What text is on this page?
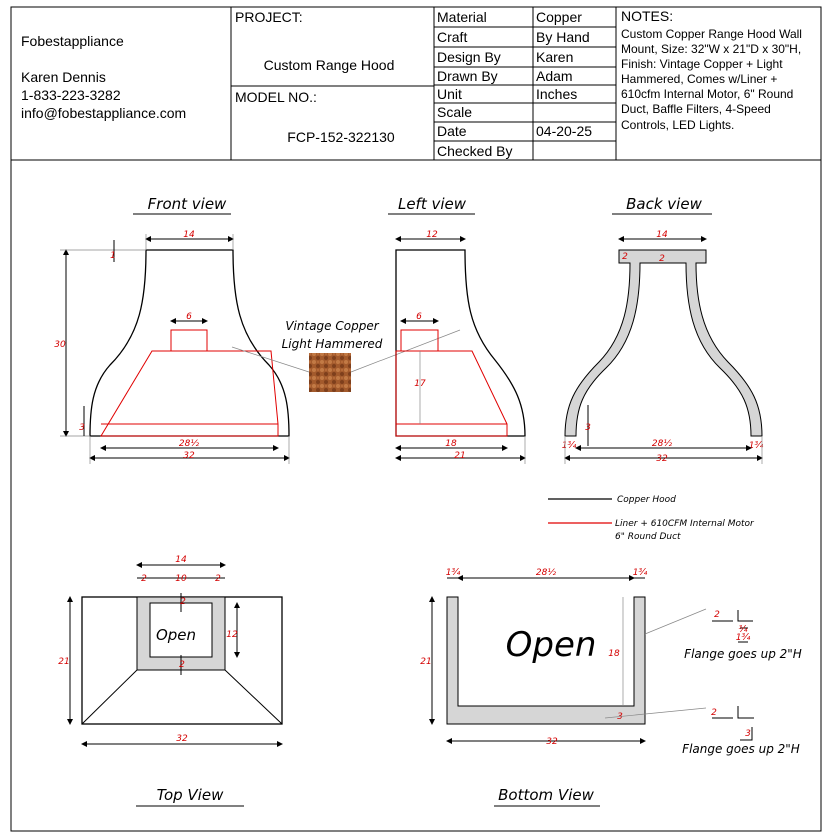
Fobestappliance
Karen Dennis
1-833-223-3282
info@fobestappliance.com
PROJECT:
Custom Range Hood
MODEL NO.:
FCP-152-322130
Material	Copper
Craft	By Hand
Design By	Karen
Drawn By	Adam
Unit	Inches
Scale
Date	04-20-25
Checked By
NOTES:
Custom Copper Range Hood Wall
Mount, Size: 32"W x 21"D x 30"H,
Finish: Vintage Copper + Light
Hammered, Comes w/Liner +
610cfm Internal Motor, 6" Round
Duct, Baffle Filters, 4-Speed
Controls, LED Lights.
Front view	Left view	Back view
Top View	Bottom View
14
6
30
3
1
28½
32
Vintage Copper
Light Hammered
12
6
17
18
21
14
2	2
3
1¾	1¾
28½
32
Copper Hood
Liner + 610CFM Internal Motor
6" Round Duct
Open
14
2	10	2
2
2
12
21
32
Open
1¾	1¾
28½
21
18
3
32
2
¾
1¾
Flange goes up 2"H
2
3
Flange goes up 2"H
